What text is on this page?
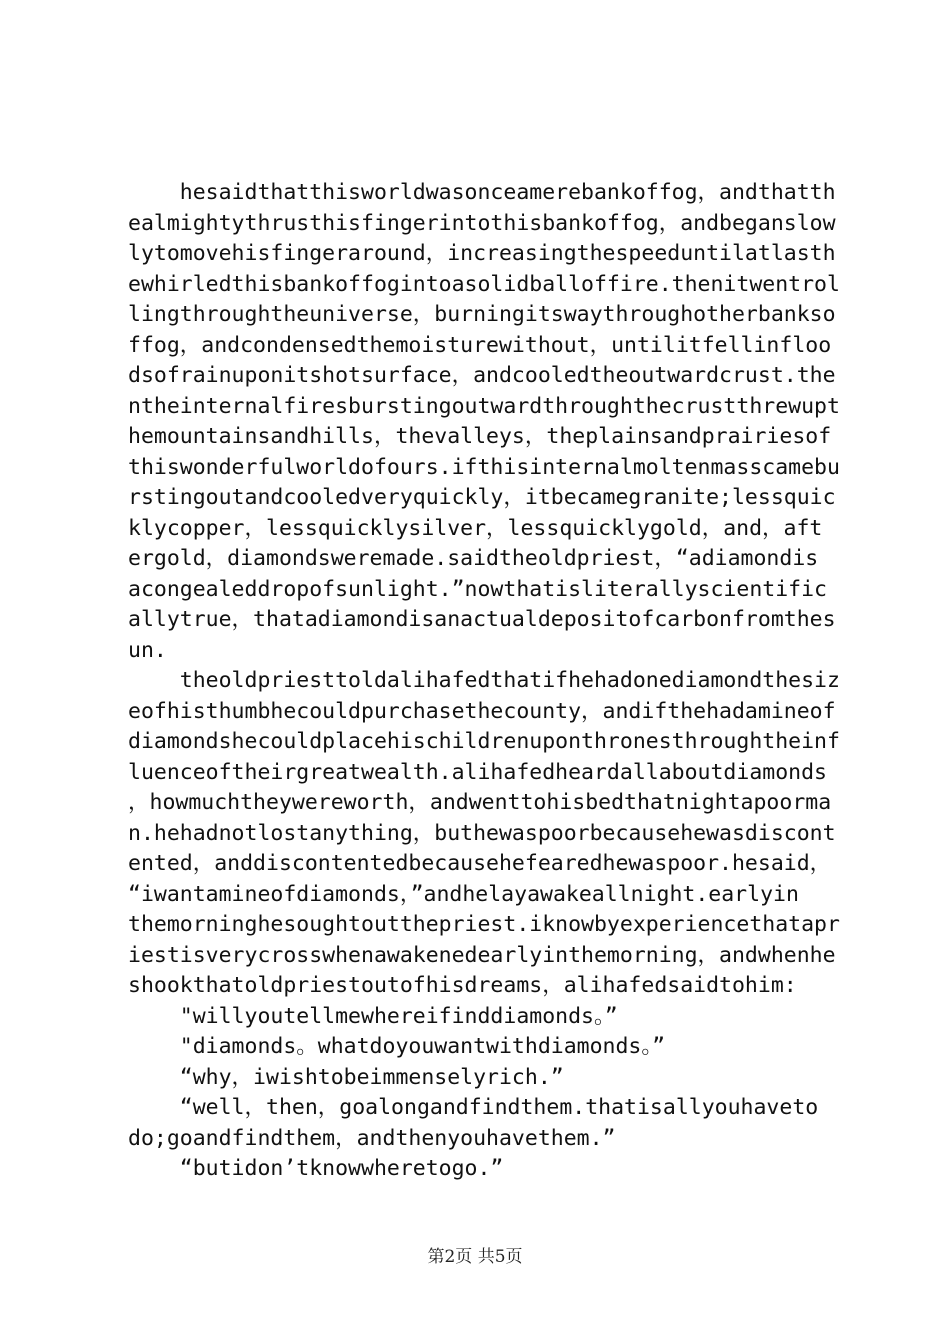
hesaidthatthisworldwasonceamerebankoffog，andthatth
ealmightythrusthisfingerintothisbankoffog，andbeganslow
lytomovehisfingeraround，increasingthespeeduntilatlasth
ewhirledthisbankoffogintoasolidballoffire.thenitwentrol
lingthroughtheuniverse，burningitswaythroughotherbankso
ffog，andcondensedthemoisturewithout，untilitfellinfloo
dsofrainuponitshotsurface，andcooledtheoutwardcrust.the
ntheinternalfiresburstingoutwardthroughthecrustthrewupt
hemountainsandhills，thevalleys，theplainsandprairiesof
thiswonderfulworldofours.ifthisinternalmoltenmasscamebu
rstingoutandcooledveryquickly，itbecamegranite;lessquic
klycopper，lessquicklysilver，lessquicklygold，and，aft
ergold，diamondsweremade.saidtheoldpriest，“adiamondis
acongealeddropofsunlight.”nowthatisliterallyscientific
allytrue，thatadiamondisanactualdepositofcarbonfromthes
un.
theoldpriesttoldalihafedthatifhehadonediamondthesiz
eofhisthumbhecouldpurchasethecounty，andifthehadamineof
diamondshecouldplacehischildrenuponthronesthroughtheinf
luenceoftheirgreatwealth.alihafedheardallaboutdiamonds
，howmuchtheywereworth，andwenttohisbedthatnightapoorma
n.hehadnotlostanything，buthewaspoorbecausehewasdiscont
ented，anddiscontentedbecausehefearedhewaspoor.hesaid，
“iwantamineofdiamonds，”andhelayawakeallnight.earlyin
themorninghesoughtoutthepriest.iknowbyexperiencethatapr
iestisverycrosswhenawakenedearlyinthemorning，andwhenhe
shookthatoldpriestoutofhisdreams，alihafedsaidtohim:
"willyoutellmewhereifinddiamonds。”
"diamonds。whatdoyouwantwithdiamonds。”
“why，iwishtobeimmenselyrich.”
“well，then，goalongandfindthem.thatisallyouhaveto
do;goandfindthem，andthenyouhavethem.”
“butidon’tknowwheretogo.”
第2页 共5页
